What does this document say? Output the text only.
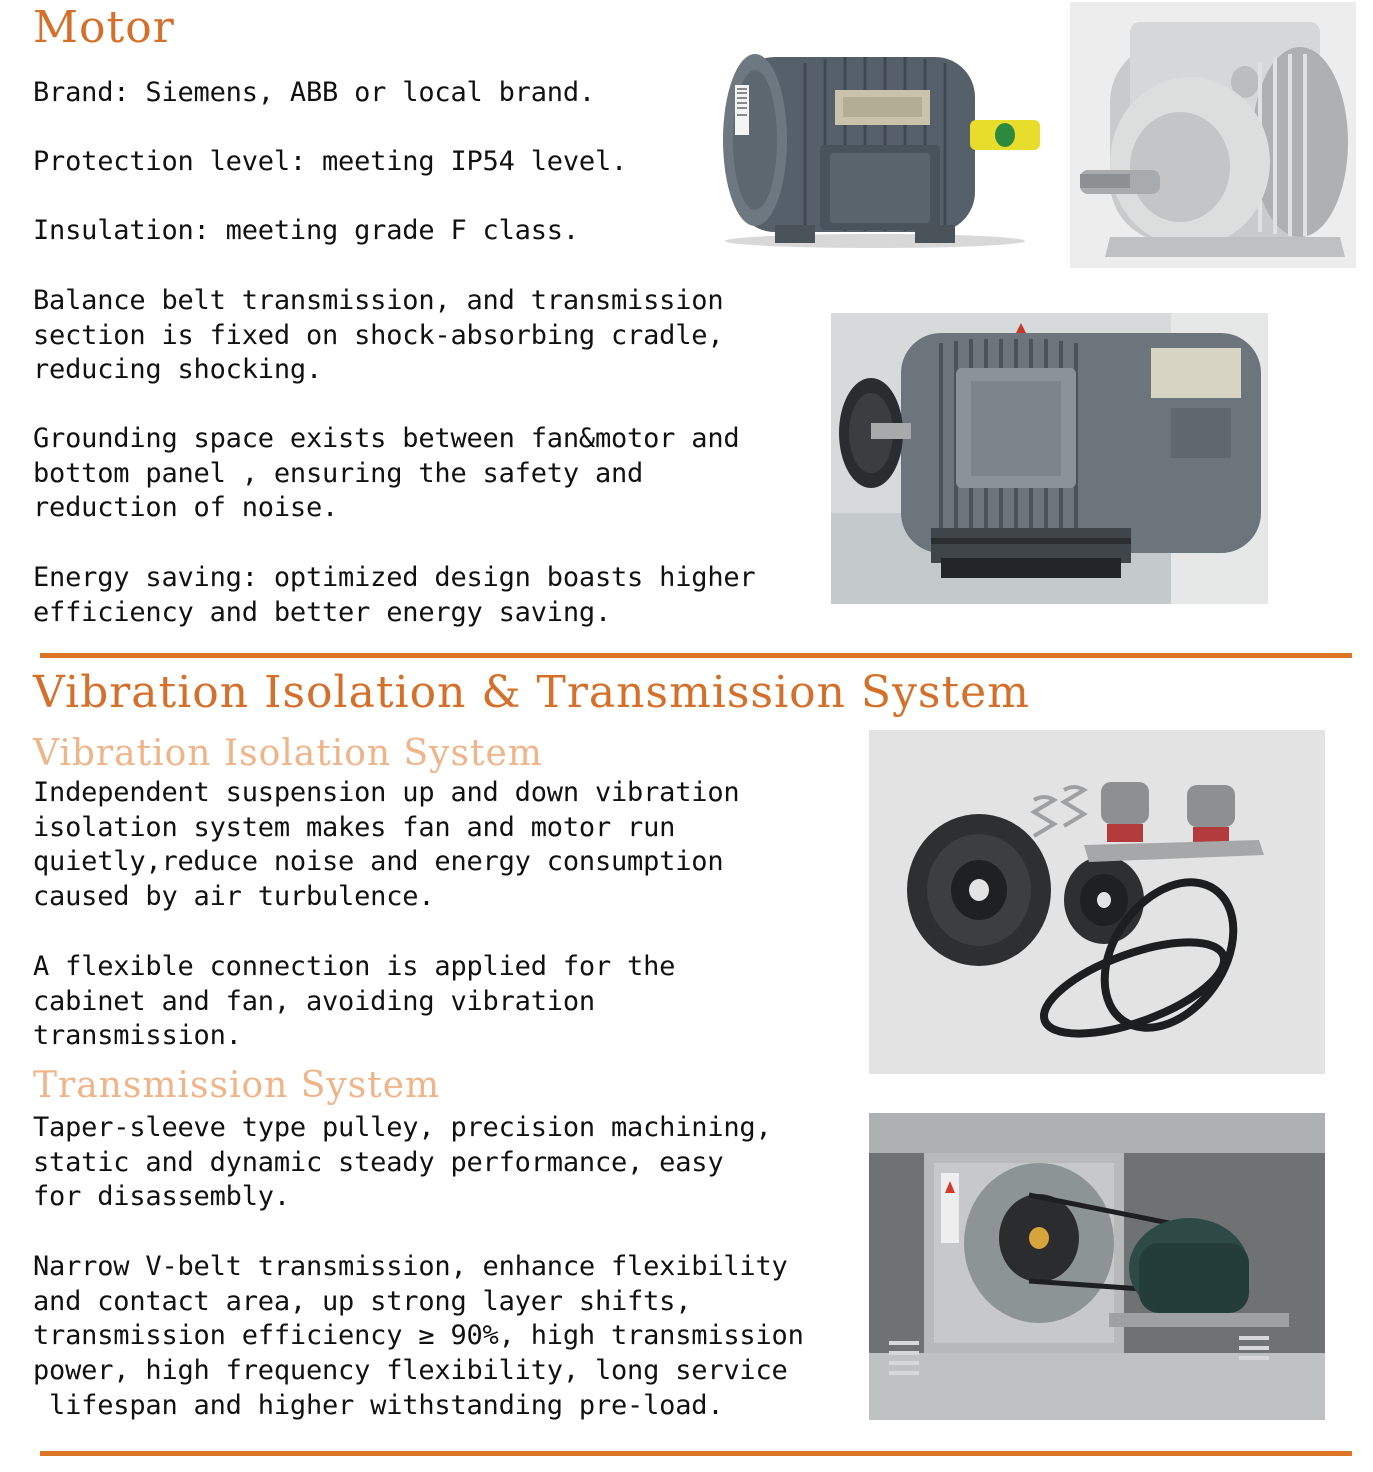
Motor
Brand: Siemens, ABB or local brand.
Protection level: meeting IP54 level.
Insulation: meeting grade F class.
Balance belt transmission, and transmission
section is fixed on shock-absorbing cradle,
reducing shocking.
Grounding space exists between fan&motor and
bottom panel , ensuring the safety and
reduction of noise.
Energy saving: optimized design boasts higher
efficiency and better energy saving.
Vibration Isolation & Transmission System
Vibration Isolation System
Independent suspension up and down vibration
isolation system makes fan and motor run
quietly,reduce noise and energy consumption
caused by air turbulence.
A flexible connection is applied for the
cabinet and fan, avoiding vibration
transmission.
Transmission System
Taper-sleeve type pulley, precision machining,
static and dynamic steady performance, easy
for disassembly.
Narrow V-belt transmission, enhance flexibility
and contact area, up strong layer shifts,
transmission efficiency ≥ 90%, high transmission
power, high frequency flexibility, long service
lifespan and higher withstanding pre-load.
